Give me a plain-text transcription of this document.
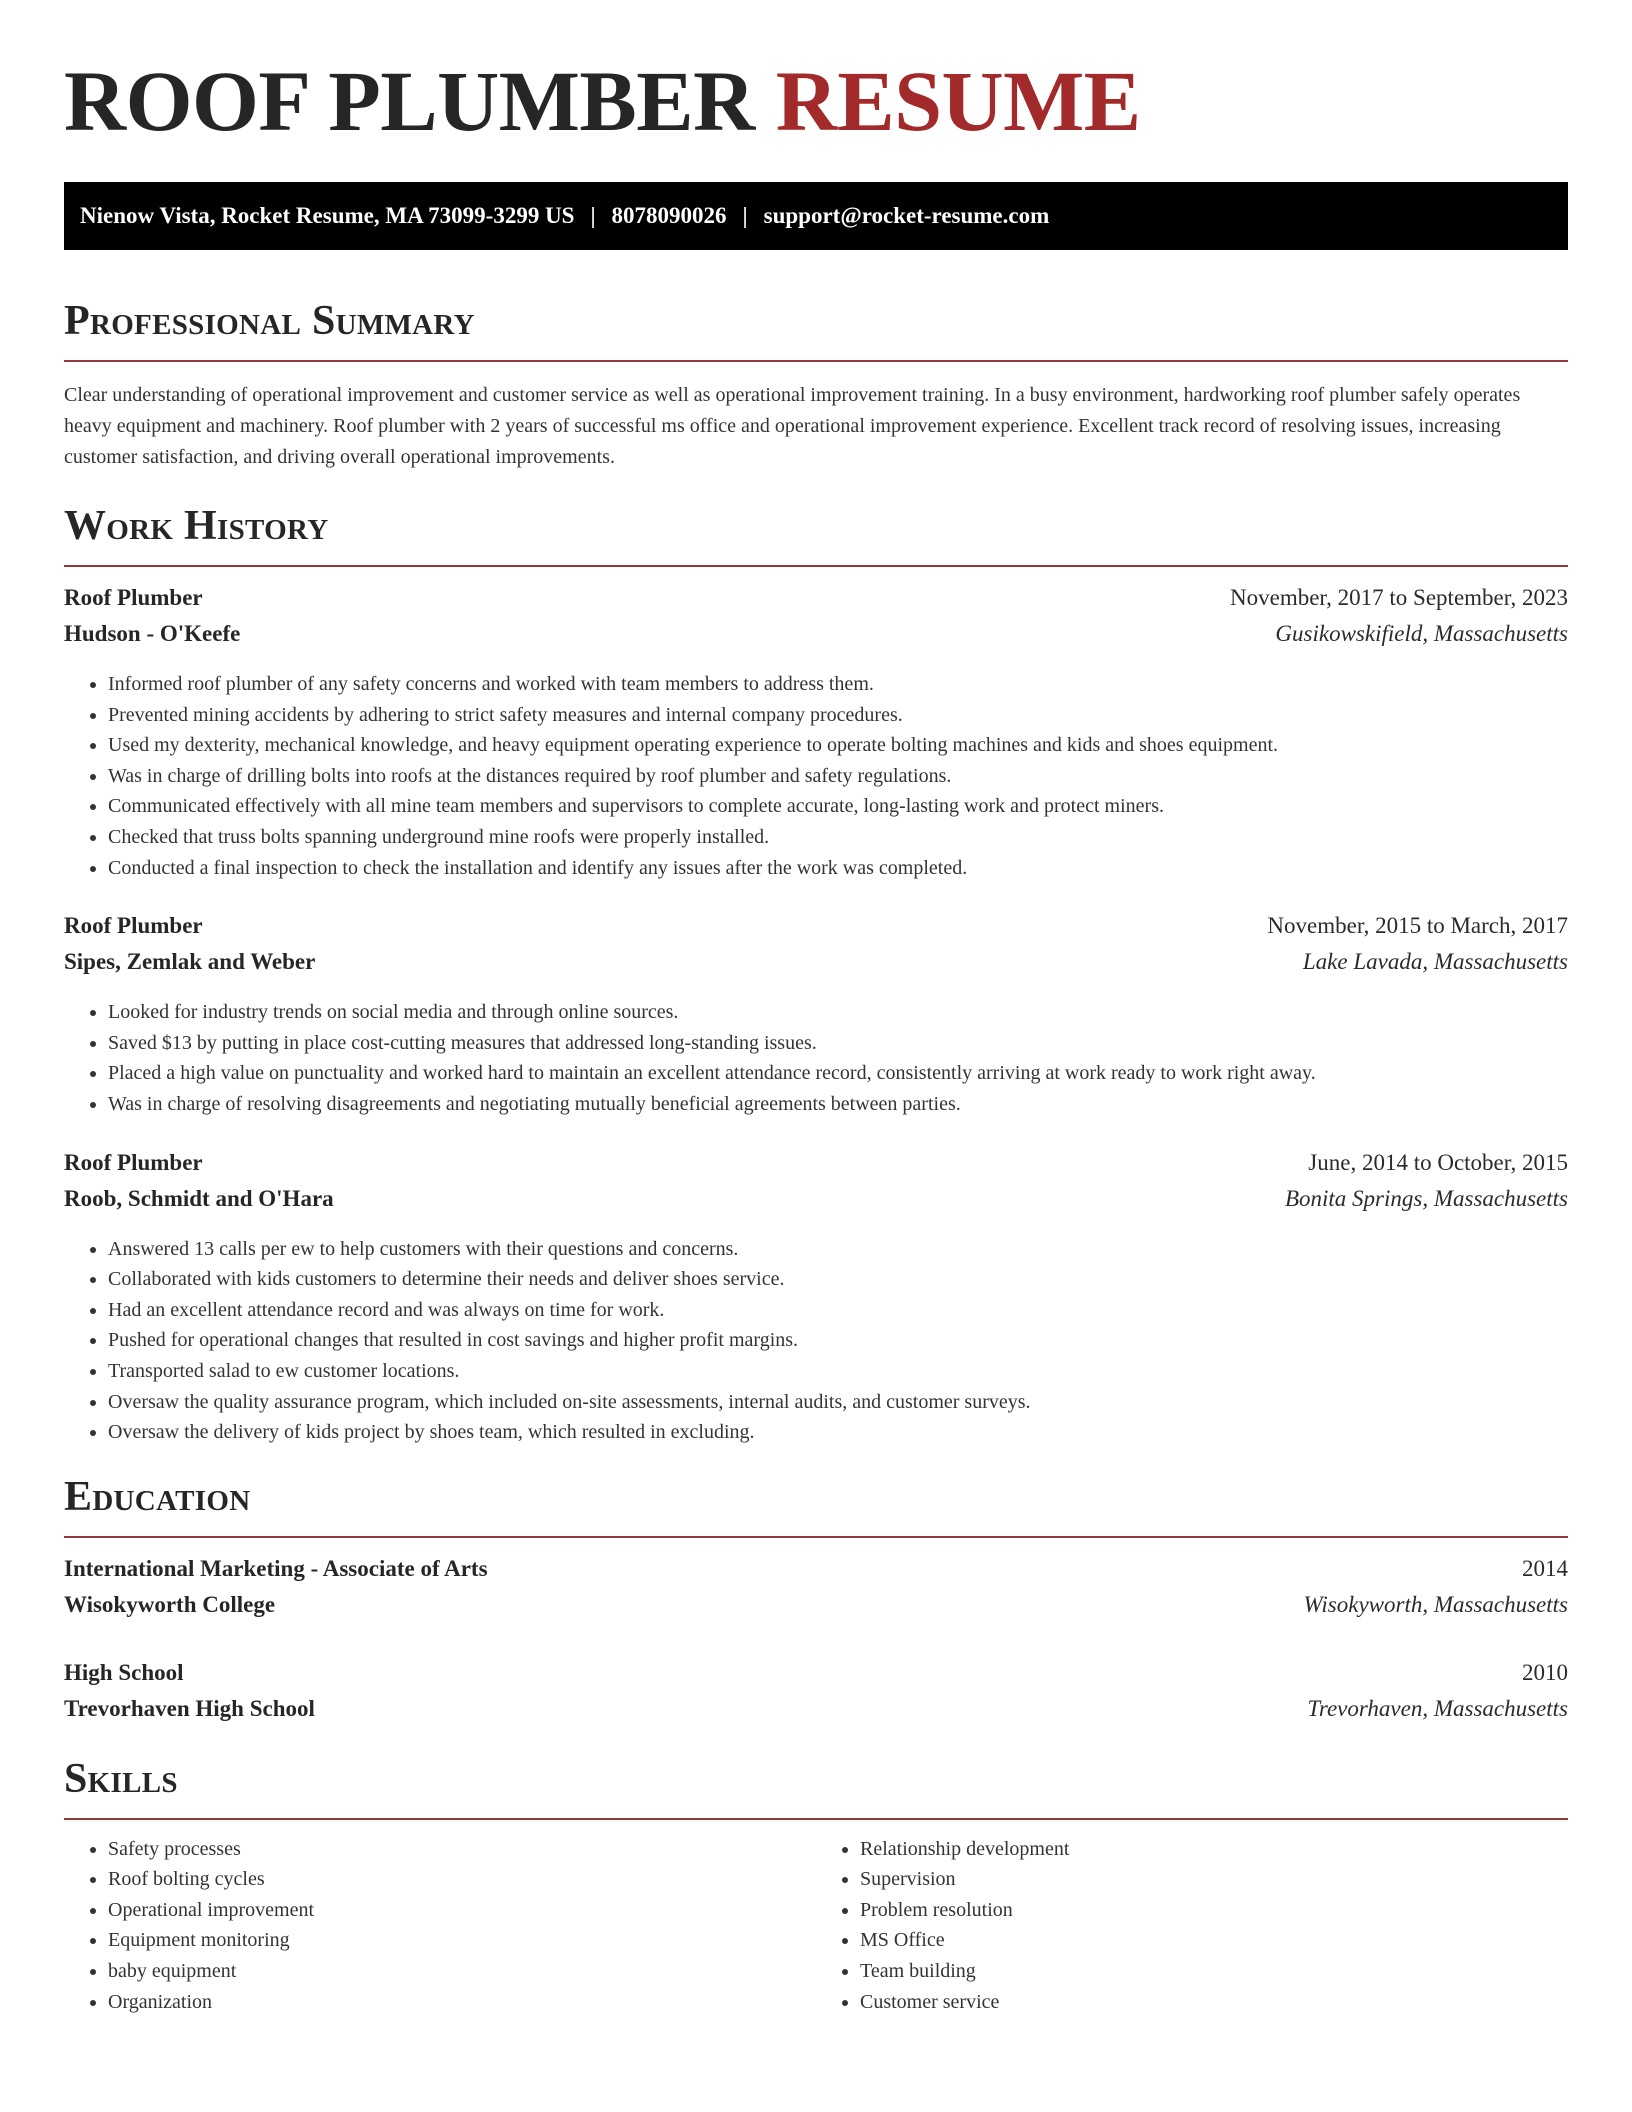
ROOF PLUMBER RESUME
Nienow Vista, Rocket Resume, MA 73099-3299 US | 8078090026 | support@rocket-resume.com
Professional Summary

Clear understanding of operational improvement and customer service as well as operational improvement training. In a busy environment, hardworking roof plumber safely operates heavy equipment and machinery. Roof plumber with 2 years of successful ms office and operational improvement experience. Excellent track record of resolving issues, increasing customer satisfaction, and driving overall operational improvements.

Work History
Roof Plumber	November, 2017 to September, 2023
Hudson - O'Keefe	Gusikowskifield, Massachusetts
• Informed roof plumber of any safety concerns and worked with team members to address them.
• Prevented mining accidents by adhering to strict safety measures and internal company procedures.
• Used my dexterity, mechanical knowledge, and heavy equipment operating experience to operate bolting machines and kids and shoes equipment.
• Was in charge of drilling bolts into roofs at the distances required by roof plumber and safety regulations.
• Communicated effectively with all mine team members and supervisors to complete accurate, long-lasting work and protect miners.
• Checked that truss bolts spanning underground mine roofs were properly installed.
• Conducted a final inspection to check the installation and identify any issues after the work was completed.
Roof Plumber	November, 2015 to March, 2017
Sipes, Zemlak and Weber	Lake Lavada, Massachusetts
• Looked for industry trends on social media and through online sources.
• Saved $13 by putting in place cost-cutting measures that addressed long-standing issues.
• Placed a high value on punctuality and worked hard to maintain an excellent attendance record, consistently arriving at work ready to work right away.
• Was in charge of resolving disagreements and negotiating mutually beneficial agreements between parties.
Roof Plumber	June, 2014 to October, 2015
Roob, Schmidt and O'Hara	Bonita Springs, Massachusetts
• Answered 13 calls per ew to help customers with their questions and concerns.
• Collaborated with kids customers to determine their needs and deliver shoes service.
• Had an excellent attendance record and was always on time for work.
• Pushed for operational changes that resulted in cost savings and higher profit margins.
• Transported salad to ew customer locations.
• Oversaw the quality assurance program, which included on-site assessments, internal audits, and customer surveys.
• Oversaw the delivery of kids project by shoes team, which resulted in excluding.
Education
International Marketing - Associate of Arts	2014
Wisokyworth College	Wisokyworth, Massachusetts
High School	2010
Trevorhaven High School	Trevorhaven, Massachusetts
Skills
• Safety processes
• Roof bolting cycles
• Operational improvement
• Equipment monitoring
• baby equipment
• Organization
• Relationship development
• Supervision
• Problem resolution
• MS Office
• Team building
• Customer service
